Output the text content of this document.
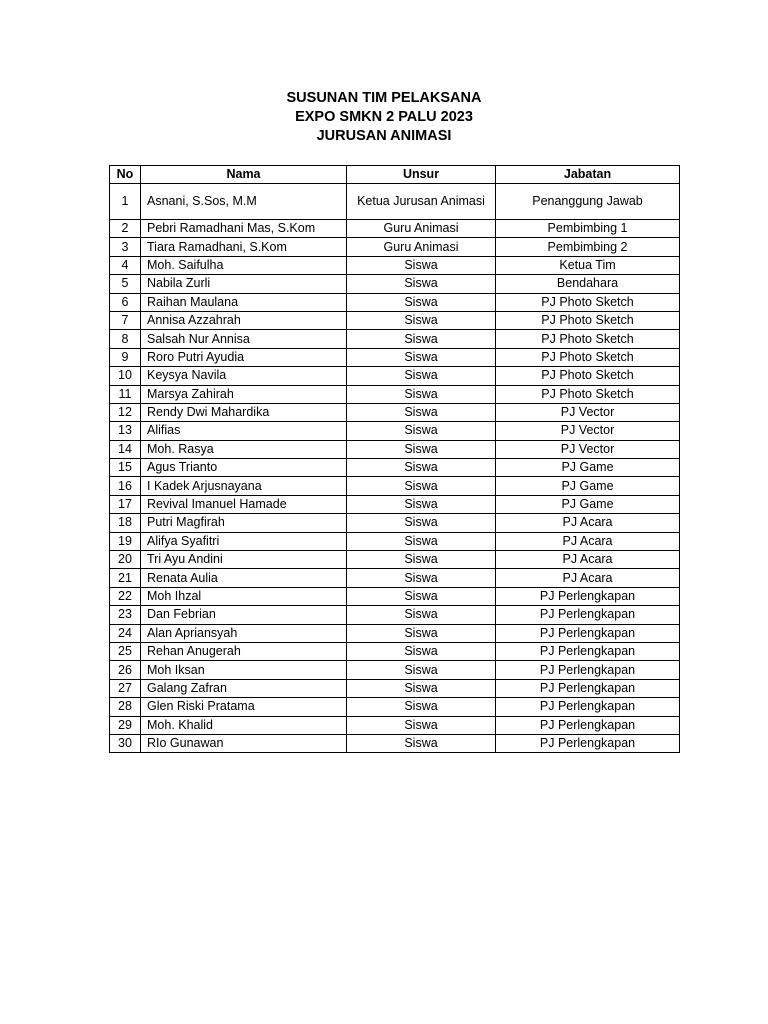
SUSUNAN TIM PELAKSANA
EXPO SMKN 2 PALU 2023
JURUSAN ANIMASI
No	Nama	Unsur	Jabatan
1	Asnani, S.Sos, M.M	Ketua Jurusan Animasi	Penanggung Jawab
2	Pebri Ramadhani Mas, S.Kom	Guru Animasi	Pembimbing 1
3	Tiara Ramadhani, S.Kom	Guru Animasi	Pembimbing 2
4	Moh. Saifulha	Siswa	Ketua Tim
5	Nabila Zurli	Siswa	Bendahara
6	Raihan Maulana	Siswa	PJ Photo Sketch
7	Annisa Azzahrah	Siswa	PJ Photo Sketch
8	Salsah Nur Annisa	Siswa	PJ Photo Sketch
9	Roro Putri Ayudia	Siswa	PJ Photo Sketch
10	Keysya Navila	Siswa	PJ Photo Sketch
11	Marsya Zahirah	Siswa	PJ Photo Sketch
12	Rendy Dwi Mahardika	Siswa	PJ Vector
13	Alifias	Siswa	PJ Vector
14	Moh. Rasya	Siswa	PJ Vector
15	Agus Trianto	Siswa	PJ Game
16	I Kadek Arjusnayana	Siswa	PJ Game
17	Revival Imanuel Hamade	Siswa	PJ Game
18	Putri Magfirah	Siswa	PJ Acara
19	Alifya Syafitri	Siswa	PJ Acara
20	Tri Ayu Andini	Siswa	PJ Acara
21	Renata Aulia	Siswa	PJ Acara
22	Moh Ihzal	Siswa	PJ Perlengkapan
23	Dan Febrian	Siswa	PJ Perlengkapan
24	Alan Apriansyah	Siswa	PJ Perlengkapan
25	Rehan Anugerah	Siswa	PJ Perlengkapan
26	Moh Iksan	Siswa	PJ Perlengkapan
27	Galang Zafran	Siswa	PJ Perlengkapan
28	Glen Riski Pratama	Siswa	PJ Perlengkapan
29	Moh. Khalid	Siswa	PJ Perlengkapan
30	RIo Gunawan	Siswa	PJ Perlengkapan
